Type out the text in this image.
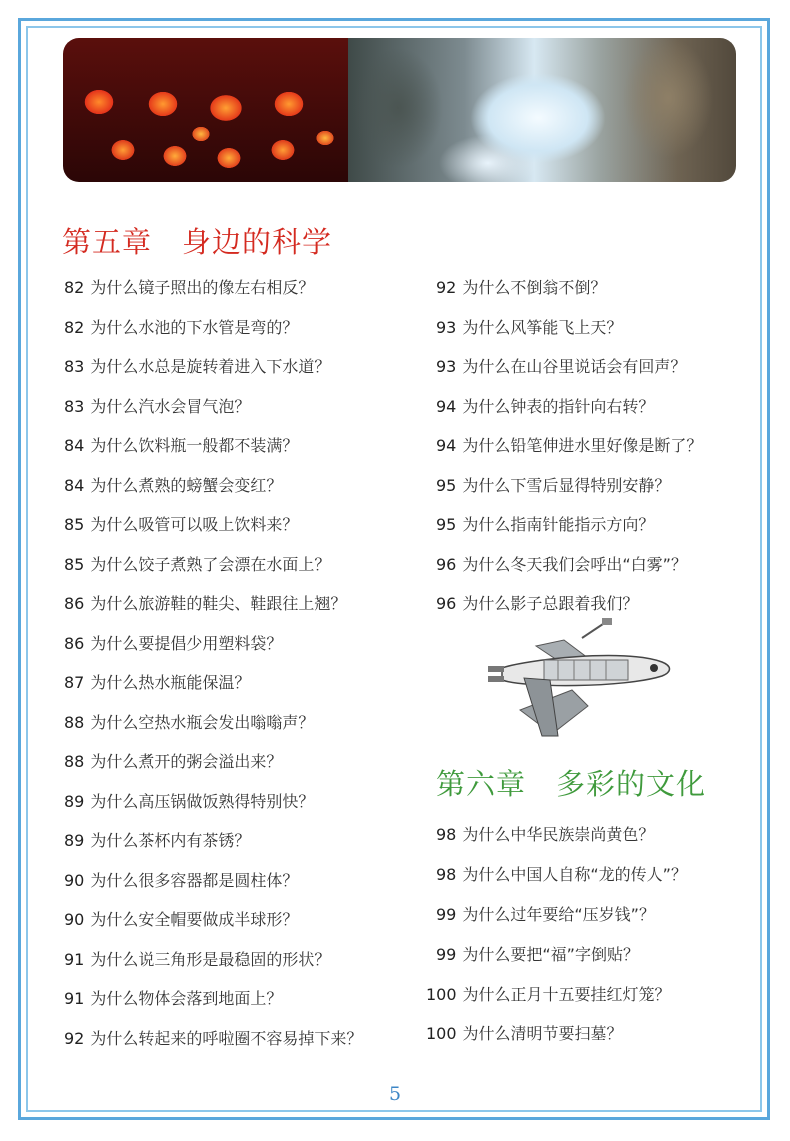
第五章　身边的科学
第六章　多彩的文化
82 为什么镜子照出的像左右相反？
82 为什么水池的下水管是弯的？
83 为什么水总是旋转着进入下水道？
83 为什么汽水会冒气泡？
84 为什么饮料瓶一般都不装满？
84 为什么煮熟的螃蟹会变红？
85 为什么吸管可以吸上饮料来？
85 为什么饺子煮熟了会漂在水面上？
86 为什么旅游鞋的鞋尖、鞋跟往上翘？
86 为什么要提倡少用塑料袋？
87 为什么热水瓶能保温？
88 为什么空热水瓶会发出嗡嗡声？
88 为什么煮开的粥会溢出来？
89 为什么高压锅做饭熟得特别快？
89 为什么茶杯内有茶锈？
90 为什么很多容器都是圆柱体？
90 为什么安全帽要做成半球形？
91 为什么说三角形是最稳固的形状？
91 为什么物体会落到地面上？
92 为什么转起来的呼啦圈不容易掉下来？
92 为什么不倒翁不倒？
93 为什么风筝能飞上天？
93 为什么在山谷里说话会有回声？
94 为什么钟表的指针向右转？
94 为什么铅笔伸进水里好像是断了？
95 为什么下雪后显得特别安静？
95 为什么指南针能指示方向？
96 为什么冬天我们会呼出“白雾”？
96 为什么影子总跟着我们？
98 为什么中华民族崇尚黄色？
98 为什么中国人自称“龙的传人”？
99 为什么过年要给“压岁钱”？
99 为什么要把“福”字倒贴？
100 为什么正月十五要挂红灯笼？
100 为什么清明节要扫墓？
5
